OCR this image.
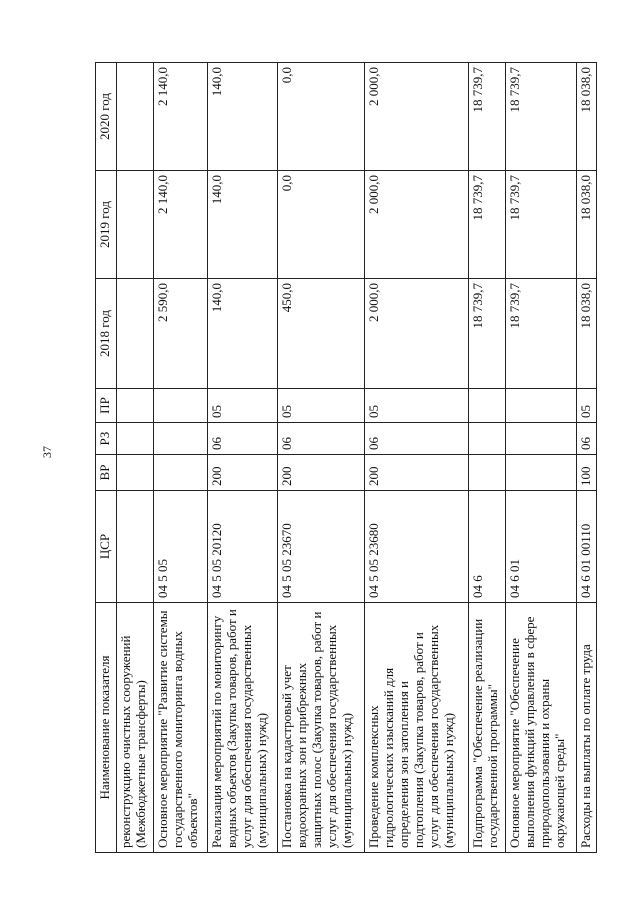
37
Наименование показателя	ЦСР	ВР	РЗ	ПР	2018 год	2019 год	2020 год
реконструкцию очистных сооружений (Межбюджетные трансферты)							
Основное мероприятие "Развитие системы государственного мониторинга водных объектов"	04 5 05				2 590,0	2 140,0	2 140,0
Реализация мероприятий по мониторингу водных объектов (Закупка товаров, работ и услуг для обеспечения государственных (муниципальных) нужд)	04 5 05 20120	200	06	05	140,0	140,0	140,0
Постановка на кадастровый учет водоохранных зон и прибрежных защитных полос (Закупка товаров, работ и услуг для обеспечения государственных (муниципальных) нужд)	04 5 05 23670	200	06	05	450,0	0,0	0,0
Проведение комплексных гидрологических изысканий для определения зон затопления и подтопления (Закупка товаров, работ и услуг для обеспечения государственных (муниципальных) нужд)	04 5 05 23680	200	06	05	2 000,0	2 000,0	2 000,0
Подпрограмма "Обеспечение реализации государственной программы"	04 6				18 739,7	18 739,7	18 739,7
Основное мероприятие "Обеспечение выполнения функций управления в сфере природопользования и охраны окружающей среды"	04 6 01				18 739,7	18 739,7	18 739,7
Расходы на выплаты по оплате труда	04 6 01 00110	100	06	05	18 038,0	18 038,0	18 038,0
